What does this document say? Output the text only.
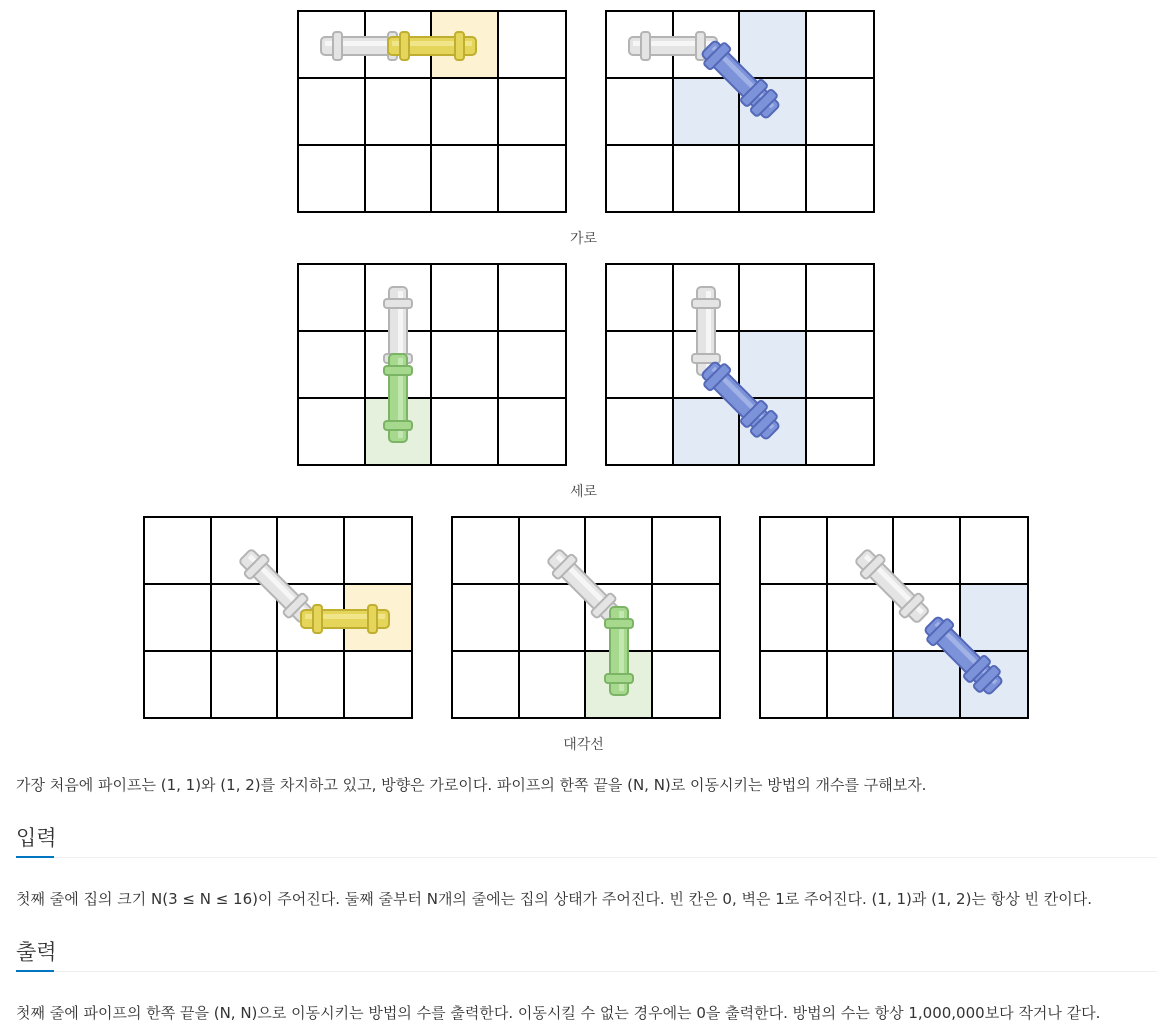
가로
세로
대각선
가장 처음에 파이프는 (1, 1)와 (1, 2)를 차지하고 있고, 방향은 가로이다. 파이프의 한쪽 끝을 (N, N)로 이동시키는 방법의 개수를 구해보자.
입력
첫째 줄에 집의 크기 N(3 ≤ N ≤ 16)이 주어진다. 둘째 줄부터 N개의 줄에는 집의 상태가 주어진다. 빈 칸은 0, 벽은 1로 주어진다. (1, 1)과 (1, 2)는 항상 빈 칸이다.
출력
첫째 줄에 파이프의 한쪽 끝을 (N, N)으로 이동시키는 방법의 수를 출력한다. 이동시킬 수 없는 경우에는 0을 출력한다. 방법의 수는 항상 1,000,000보다 작거나 같다.
